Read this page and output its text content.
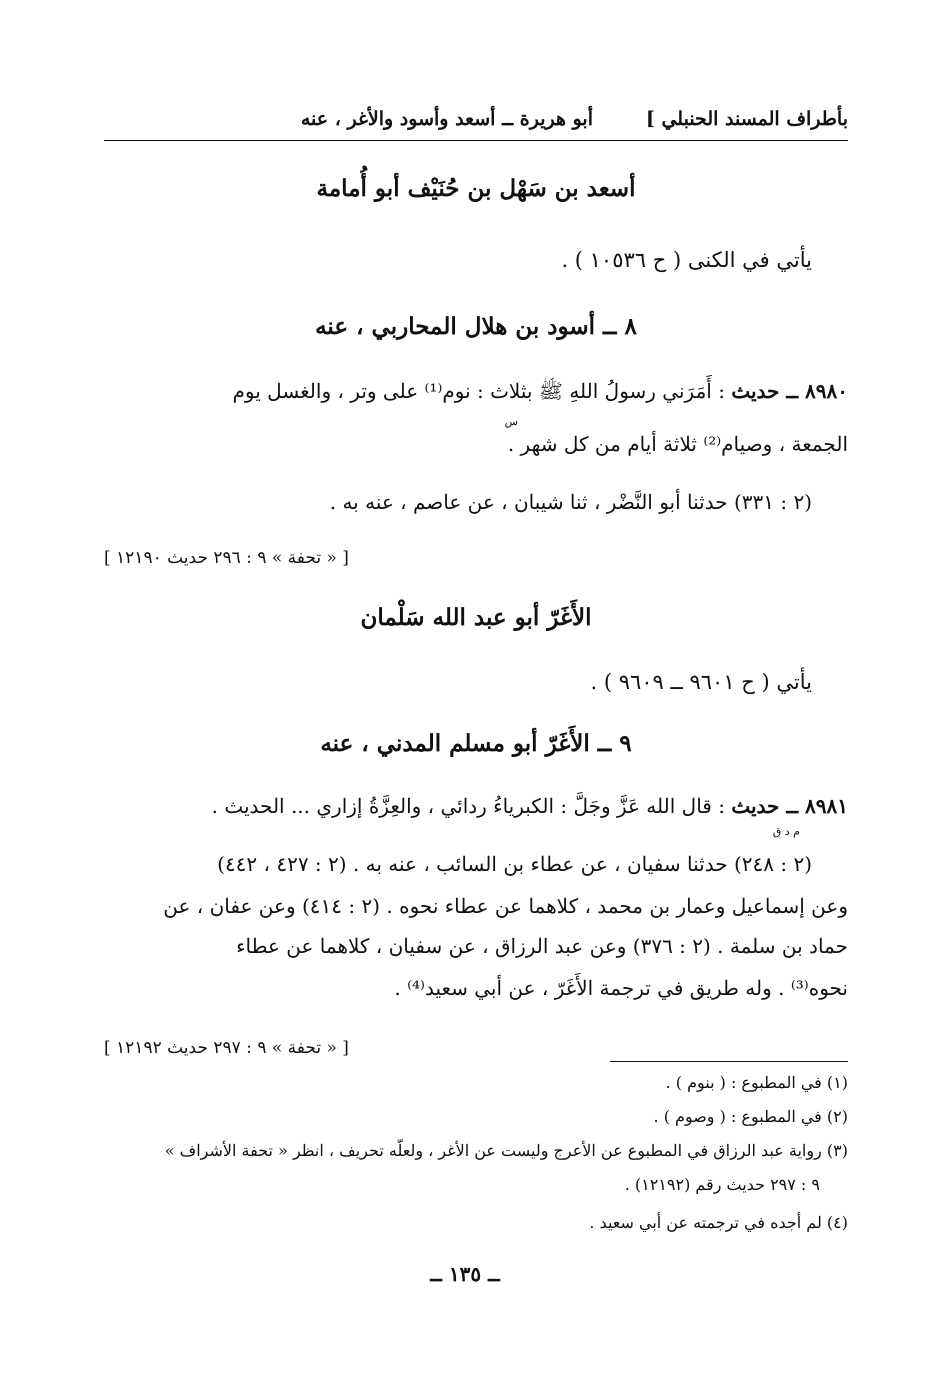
بأطراف المسند الحنبلي ]
أبو هريرة ــ أسعد وأسود والأغر ، عنه
أسعد بن سَهْل بن حُنَيْف أبو أُمامة
يأتي في الكنى ( ح ١٠٥٣٦ ) .
٨ ــ أسود بن هلال المحاربي ، عنه
٨٩٨٠ ــ حديث : أَمَرَني رسولُ اللهِ ﷺ بثلاث : نوم⁽¹⁾ على وتر ، والغسل يوم
س
الجمعة ، وصيام⁽²⁾ ثلاثة أيام من كل شهر .
(٢ : ٣٣١) حدثنا أبو النَّضْر ، ثنا شيبان ، عن عاصم ، عنه به .
[ « تحفة » ٩ : ٢٩٦ حديث ١٢١٩٠ ]
الأَغَرّ أبو عبد الله سَلْمان
يأتي ( ح ٩٦٠١ ــ ٩٦٠٩ ) .
٩ ــ الأَغَرّ أبو مسلم المدني ، عنه
٨٩٨١ ــ حديث : قال الله عَزَّ وجَلَّ : الكبرياءُ ردائي ، والعِزَّةُ إزاري ... الحديث .
م د ق
(٢ : ٢٤٨) حدثنا سفيان ، عن عطاء بن السائب ، عنه به . (٢ : ٤٢٧ ، ٤٤٢)
وعن إسماعيل وعمار بن محمد ، كلاهما عن عطاء نحوه . (٢ : ٤١٤) وعن عفان ، عن
حماد بن سلمة . (٢ : ٣٧٦) وعن عبد الرزاق ، عن سفيان ، كلاهما عن عطاء
نحوه⁽³⁾ . وله طريق في ترجمة الأَغَرّ ، عن أبي سعيد⁽⁴⁾ .
[ « تحفة » ٩ : ٢٩٧ حديث ١٢١٩٢ ]
(١) في المطبوع : ( بنوم ) .
(٢) في المطبوع : ( وصوم ) .
(٣) رواية عبد الرزاق في المطبوع عن الأعرج وليست عن الأغر ، ولعلّه تحريف ، انظر « تحفة الأشراف »
٩ : ٢٩٧ حديث رقم (١٢١٩٢) .
(٤) لم أجده في ترجمته عن أبي سعيد .
ــ ١٣٥ ــ
